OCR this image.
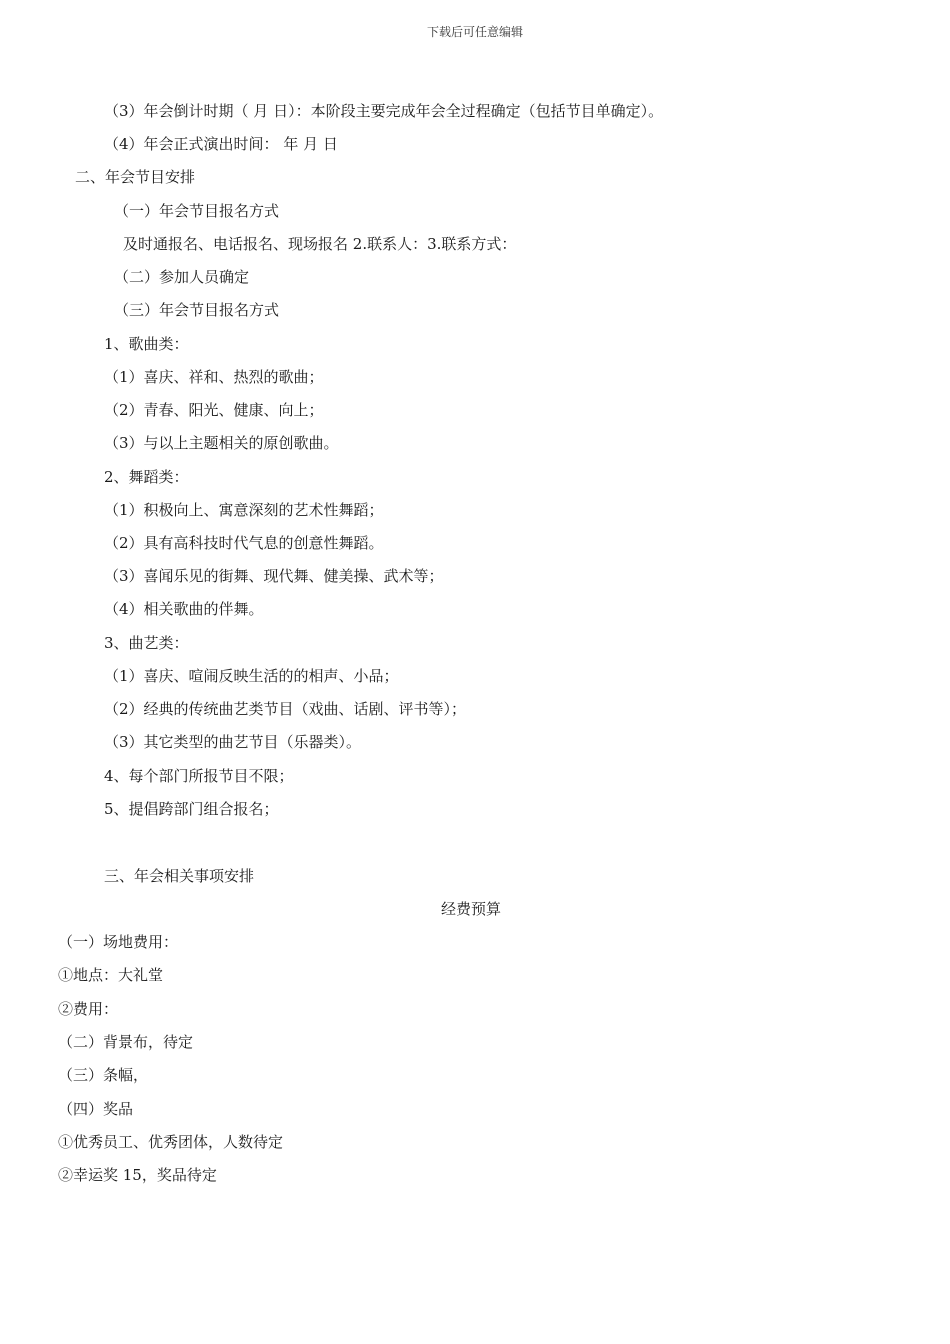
下载后可任意编辑
（3）年会倒计时期（ 月 日）：本阶段主要完成年会全过程确定（包括节目单确定）。
（4）年会正式演出时间： 年 月 日
二、年会节目安排
（一）年会节目报名方式
及时通报名、电话报名、现场报名 2.联系人：3.联系方式：
（二）参加人员确定
（三）年会节目报名方式
1、歌曲类：
（1）喜庆、祥和、热烈的歌曲；
（2）青春、阳光、健康、向上；
（3）与以上主题相关的原创歌曲。
2、舞蹈类：
（1）积极向上、寓意深刻的艺术性舞蹈；
（2）具有高科技时代气息的创意性舞蹈。
（3）喜闻乐见的街舞、现代舞、健美操、武术等；
（4）相关歌曲的伴舞。
3、曲艺类：
（1）喜庆、喧闹反映生活的的相声、小品；
（2）经典的传统曲艺类节目（戏曲、话剧、评书等）；
（3）其它类型的曲艺节目（乐器类）。
4、每个部门所报节目不限；
5、提倡跨部门组合报名；
三、年会相关事项安排
经费预算
（一）场地费用：
①地点：大礼堂
②费用：
（二）背景布，待定
（三）条幅，
（四）奖品
①优秀员工、优秀团体，人数待定
②幸运奖 15，奖品待定
